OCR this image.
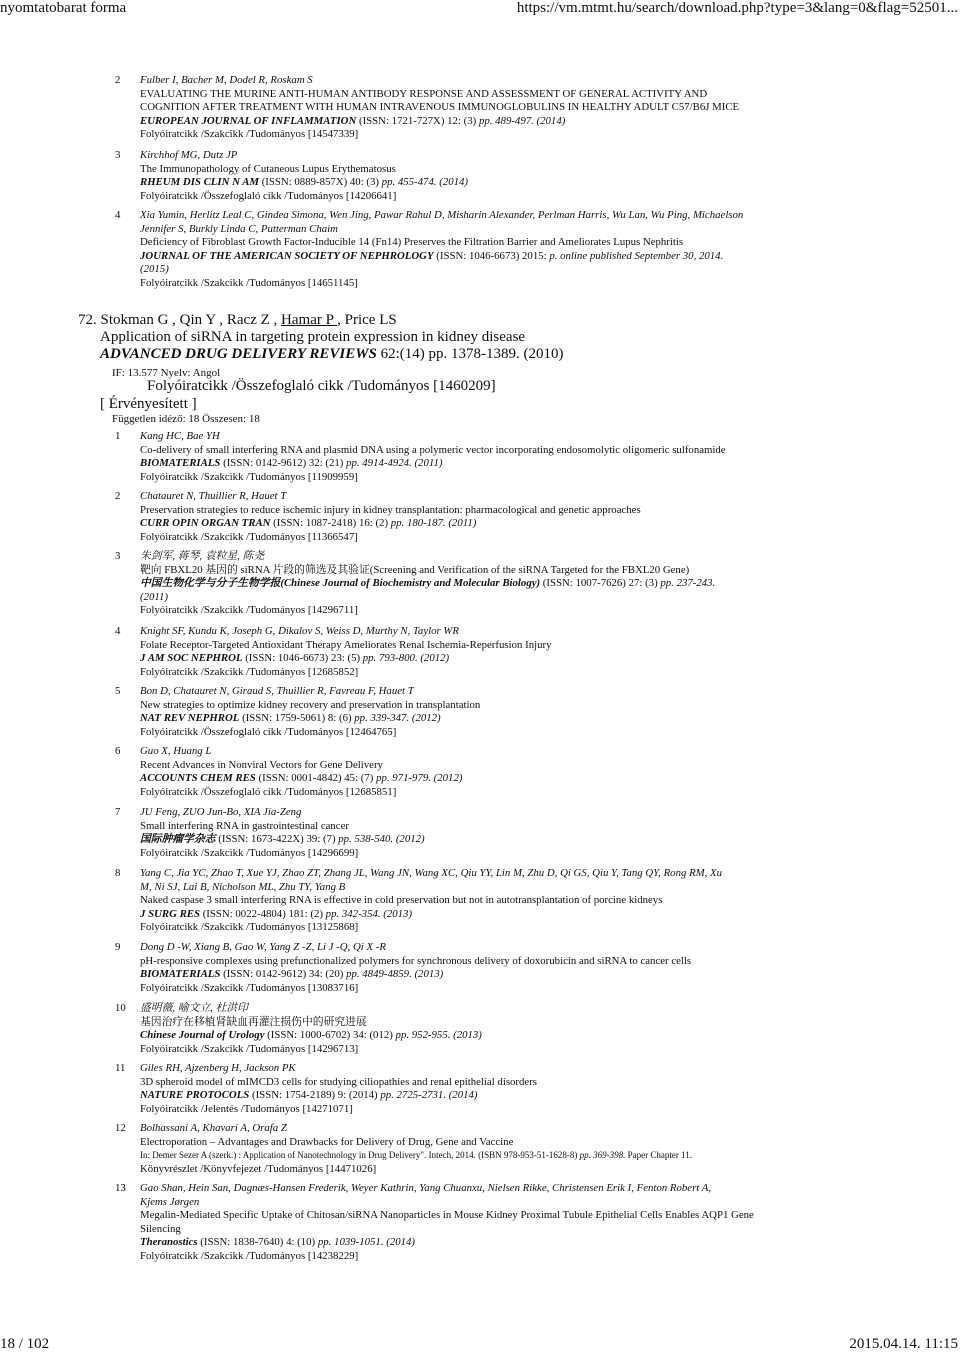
nyomtatobarat forma	https://vm.mtmt.hu/search/download.php?type=3&lang=0&flag=52501...
2	Fulber I, Bacher M, Dodel R, Roskam S
EVALUATING THE MURINE ANTI-HUMAN ANTIBODY RESPONSE AND ASSESSMENT OF GENERAL ACTIVITY AND
COGNITION AFTER TREATMENT WITH HUMAN INTRAVENOUS IMMUNOGLOBULINS IN HEALTHY ADULT C57/B6J MICE
EUROPEAN JOURNAL OF INFLAMMATION (ISSN: 1721-727X) 12: (3) pp. 489-497. (2014)
Folyóiratcikk /Szakcikk /Tudományos [14547339]
3	Kirchhof MG, Dutz JP
The Immunopathology of Cutaneous Lupus Erythematosus
RHEUM DIS CLIN N AM (ISSN: 0889-857X) 40: (3) pp. 455-474. (2014)
Folyóiratcikk /Összefoglaló cikk /Tudományos [14206641]
4	Xia Yumin, Herlitz Leal C, Gindea Simona, Wen Jing, Pawar Rahul D, Misharin Alexander, Perlman Harris, Wu Lan, Wu Ping, Michaelson
Jennifer S, Burkly Linda C, Putterman Chaim
Deficiency of Fibroblast Growth Factor-Inducible 14 (Fn14) Preserves the Filtration Barrier and Ameliorates Lupus Nephritis
JOURNAL OF THE AMERICAN SOCIETY OF NEPHROLOGY (ISSN: 1046-6673) 2015: p. online published September 30, 2014.
(2015)
Folyóiratcikk /Szakcikk /Tudományos [14651145]
72. Stokman G , Qin Y , Racz Z , Hamar P , Price LS
Application of siRNA in targeting protein expression in kidney disease
ADVANCED DRUG DELIVERY REVIEWS 62:(14) pp. 1378-1389. (2010)
IF: 13.577 Nyelv: Angol
Folyóiratcikk /Összefoglaló cikk /Tudományos [1460209]
[ Érvényesített ]
Független idéző: 18 Összesen: 18
1	Kang HC, Bae YH
Co-delivery of small interfering RNA and plasmid DNA using a polymeric vector incorporating endosomolytic oligomeric sulfonamide
BIOMATERIALS (ISSN: 0142-9612) 32: (21) pp. 4914-4924. (2011)
Folyóiratcikk /Szakcikk /Tudományos [11909959]
2	Chatauret N, Thuillier R, Hauet T
Preservation strategies to reduce ischemic injury in kidney transplantation: pharmacological and genetic approaches
CURR OPIN ORGAN TRAN (ISSN: 1087-2418) 16: (2) pp. 180-187. (2011)
Folyóiratcikk /Szakcikk /Tudományos [11366547]
3	朱剑军, 蒋琴, 袁粒星, 陈尧
靶向 FBXL20 基因的 siRNA 片段的筛选及其验证(Screening and Verification of the siRNA Targeted for the FBXL20 Gene)
中国生物化学与分子生物学报(Chinese Journal of Biochemistry and Molecular Biology) (ISSN: 1007-7626) 27: (3) pp. 237-243.
(2011)
Folyóiratcikk /Szakcikk /Tudományos [14296711]
4	Knight SF, Kundu K, Joseph G, Dikalov S, Weiss D, Murthy N, Taylor WR
Folate Receptor-Targeted Antioxidant Therapy Ameliorates Renal Ischemia-Reperfusion Injury
J AM SOC NEPHROL (ISSN: 1046-6673) 23: (5) pp. 793-800. (2012)
Folyóiratcikk /Szakcikk /Tudományos [12685852]
5	Bon D, Chatauret N, Giraud S, Thuillier R, Favreau F, Hauet T
New strategies to optimize kidney recovery and preservation in transplantation
NAT REV NEPHROL (ISSN: 1759-5061) 8: (6) pp. 339-347. (2012)
Folyóiratcikk /Összefoglaló cikk /Tudományos [12464765]
6	Guo X, Huang L
Recent Advances in Nonviral Vectors for Gene Delivery
ACCOUNTS CHEM RES (ISSN: 0001-4842) 45: (7) pp. 971-979. (2012)
Folyóiratcikk /Összefoglaló cikk /Tudományos [12685851]
7	JU Feng, ZUO Jun-Bo, XIA Jia-Zeng
Small interfering RNA in gastrointestinal cancer
国际肿瘤学杂志 (ISSN: 1673-422X) 39: (7) pp. 538-540. (2012)
Folyóiratcikk /Szakcikk /Tudományos [14296699]
8	Yang C, Jia YC, Zhao T, Xue YJ, Zhao ZT, Zhang JL, Wang JN, Wang XC, Qiu YY, Lin M, Zhu D, Qi GS, Qiu Y, Tang QY, Rong RM, Xu
M, Ni SJ, Lai B, Nicholson ML, Zhu TY, Yang B
Naked caspase 3 small interfering RNA is effective in cold preservation but not in autotransplantation of porcine kidneys
J SURG RES (ISSN: 0022-4804) 181: (2) pp. 342-354. (2013)
Folyóiratcikk /Szakcikk /Tudományos [13125868]
9	Dong D -W, Xiang B, Gao W, Yang Z -Z, Li J -Q, Qi X -R
pH-responsive complexes using prefunctionalized polymers for synchronous delivery of doxorubicin and siRNA to cancer cells
BIOMATERIALS (ISSN: 0142-9612) 34: (20) pp. 4849-4859. (2013)
Folyóiratcikk /Szakcikk /Tudományos [13083716]
10	盛明薇, 喻文立, 杜洪印
基因治疗在移植肾缺血再灌注损伤中的研究进展
Chinese Journal of Urology (ISSN: 1000-6702) 34: (012) pp. 952-955. (2013)
Folyóiratcikk /Szakcikk /Tudományos [14296713]
11	Giles RH, Ajzenberg H, Jackson PK
3D spheroid model of mIMCD3 cells for studying ciliopathies and renal epithelial disorders
NATURE PROTOCOLS (ISSN: 1754-2189) 9: (2014) pp. 2725-2731. (2014)
Folyóiratcikk /Jelentés /Tudományos [14271071]
12	Bolhassani A, Khavari A, Orafa Z
Electroporation – Advantages and Drawbacks for Delivery of Drug, Gene and Vaccine
In: Demer Sezer A (szerk.) : Application of Nanotechnology in Drug Delivery". Intech, 2014. (ISBN 978-953-51-1628-8) pp. 369-398. Paper Chapter 11.
Könyvrészlet /Könyvfejezet /Tudományos [14471026]
13	Gao Shan, Hein San, Dagnæs-Hansen Frederik, Weyer Kathrin, Yang Chuanxu, Nielsen Rikke, Christensen Erik I, Fenton Robert A,
Kjems Jørgen
Megalin-Mediated Specific Uptake of Chitosan/siRNA Nanoparticles in Mouse Kidney Proximal Tubule Epithelial Cells Enables AQP1 Gene
Silencing
Theranostics (ISSN: 1838-7640) 4: (10) pp. 1039-1051. (2014)
Folyóiratcikk /Szakcikk /Tudományos [14238229]
18 / 102	2015.04.14. 11:15
